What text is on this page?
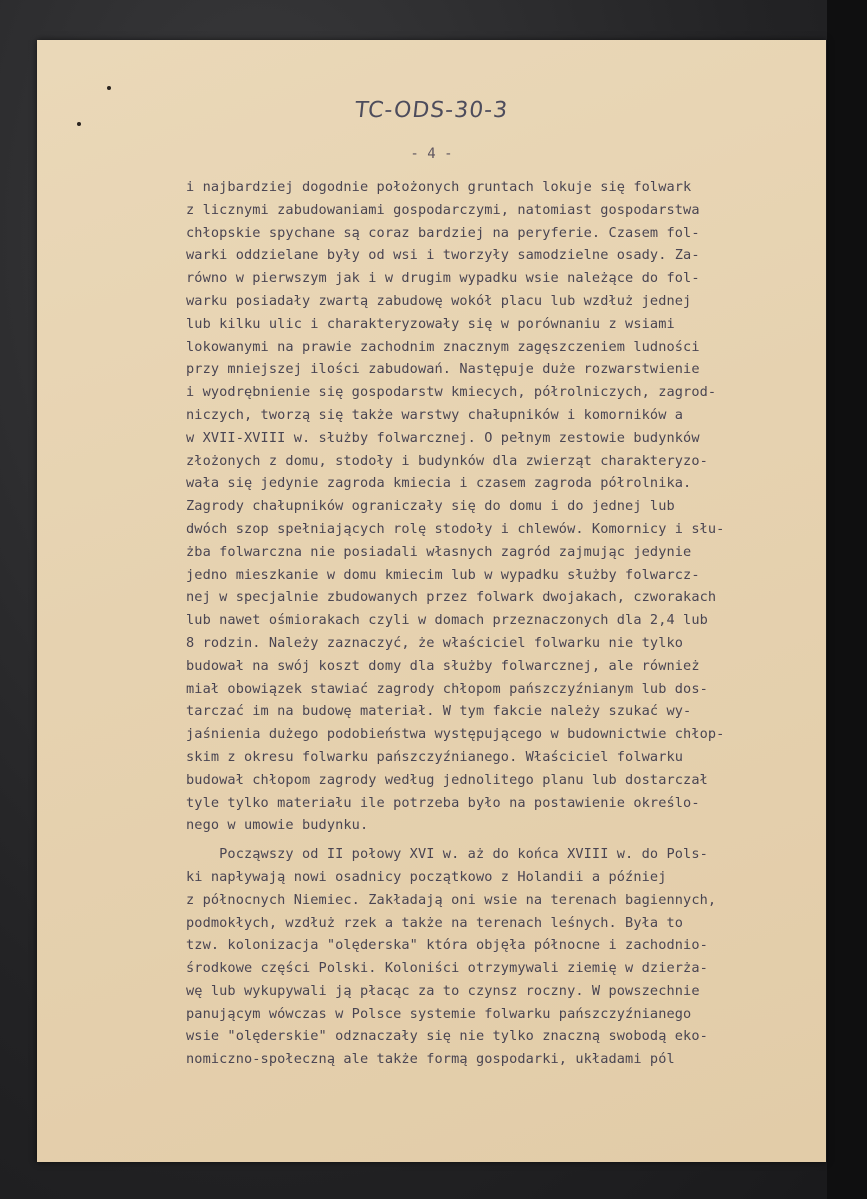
TC-ODS-30-3
- 4 -
i najbardziej dogodnie położonych gruntach lokuje się folwark
z licznymi zabudowaniami gospodarczymi, natomiast gospodarstwa
chłopskie spychane są coraz bardziej na peryferie. Czasem fol-
warki oddzielane były od wsi i tworzyły samodzielne osady. Za-
równo w pierwszym jak i w drugim wypadku wsie należące do fol-
warku posiadały zwartą zabudowę wokół placu lub wzdłuż jednej
lub kilku ulic i charakteryzowały się w porównaniu z wsiami
lokowanymi na prawie zachodnim znacznym zagęszczeniem ludności
przy mniejszej ilości zabudowań. Następuje duże rozwarstwienie
i wyodrębnienie się gospodarstw kmiecych, półrolniczych, zagrod-
niczych, tworzą się także warstwy chałupników i komorników a
w XVII-XVIII w. służby folwarcznej. O pełnym zestowie budynków
złożonych z domu, stodoły i budynków dla zwierząt charakteryzo-
wała się jedynie zagroda kmiecia i czasem zagroda półrolnika.
Zagrody chałupników ograniczały się do domu i do jednej lub
dwóch szop spełniających rolę stodoły i chlewów. Komornicy i słu-
żba folwarczna nie posiadali własnych zagród zajmując jedynie
jedno mieszkanie w domu kmiecim lub w wypadku służby folwarcz-
nej w specjalnie zbudowanych przez folwark dwojakach, czworakach
lub nawet ośmiorakach czyli w domach przeznaczonych dla 2,4 lub
8 rodzin. Należy zaznaczyć, że właściciel folwarku nie tylko
budował na swój koszt domy dla służby folwarcznej, ale również
miał obowiązek stawiać zagrody chłopom pańszczyźnianym lub dos-
tarczać im na budowę materiał. W tym fakcie należy szukać wy-
jaśnienia dużego podobieństwa występującego w budownictwie chłop-
skim z okresu folwarku pańszczyźnianego. Właściciel folwarku
budował chłopom zagrody według jednolitego planu lub dostarczał
tyle tylko materiału ile potrzeba było na postawienie określo-
nego w umowie budynku.
Począwszy od II połowy XVI w. aż do końca XVIII w. do Pols-
ki napływają nowi osadnicy początkowo z Holandii a później
z północnych Niemiec. Zakładają oni wsie na terenach bagiennych,
podmokłych, wzdłuż rzek a także na terenach leśnych. Była to
tzw. kolonizacja "olęderska" która objęła północne i zachodnio-
środkowe części Polski. Koloniści otrzymywali ziemię w dzierża-
wę lub wykupywali ją płacąc za to czynsz roczny. W powszechnie
panującym wówczas w Polsce systemie folwarku pańszczyźnianego
wsie "olęderskie" odznaczały się nie tylko znaczną swobodą eko-
nomiczno-społeczną ale także formą gospodarki, układami pól
